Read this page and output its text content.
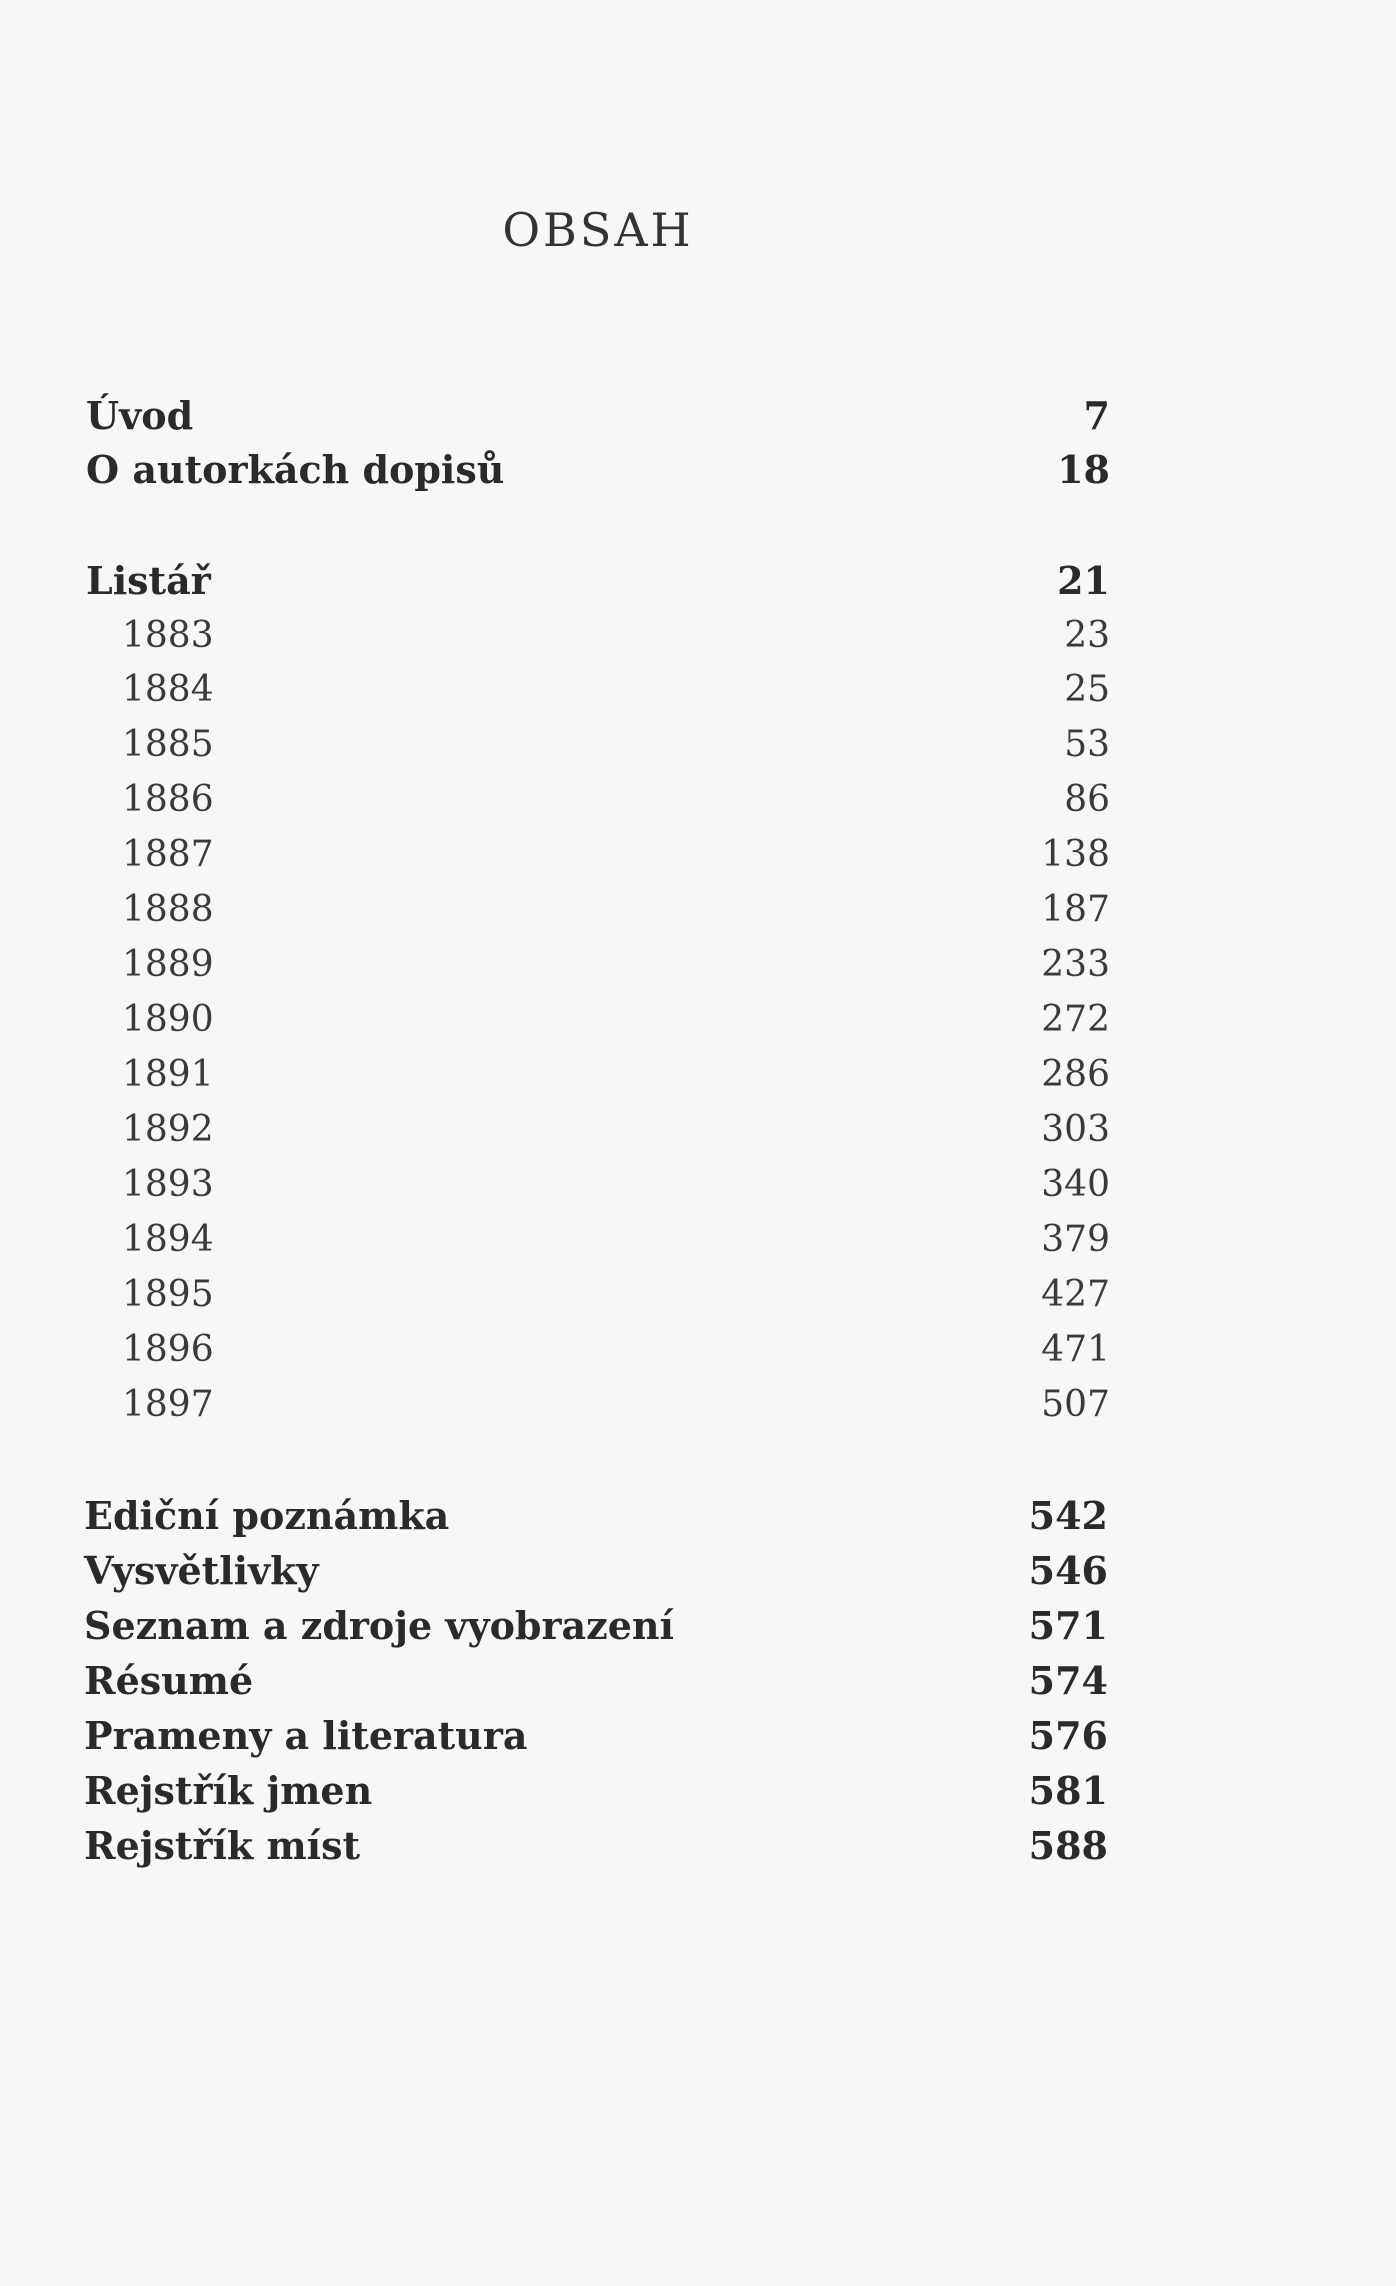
OBSAH
Úvod	7
O autorkách dopisů	18
Listář	21
1883	23
1884	25
1885	53
1886	86
1887	138
1888	187
1889	233
1890	272
1891	286
1892	303
1893	340
1894	379
1895	427
1896	471
1897	507
Ediční poznámka	542
Vysvětlivky	546
Seznam a zdroje vyobrazení	571
Résumé	574
Prameny a literatura	576
Rejstřík jmen	581
Rejstřík míst	588
